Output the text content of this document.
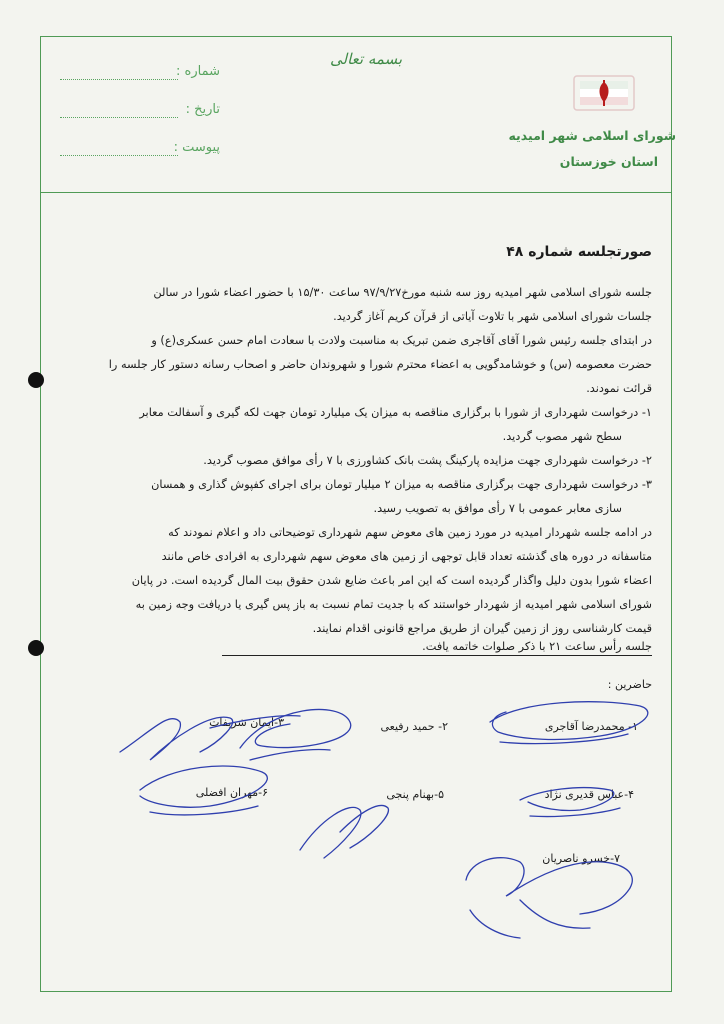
بسمه تعالی
شماره :
تاریخ :
پیوست :
شورای اسلامی شهر امیدیه
استان خوزستان
صورتجلسه شماره ۴۸
جلسه شورای اسلامی شهر امیدیه روز سه شنبه مورخ۹۷/۹/۲۷ ساعت ۱۵/۳۰ با حضور اعضاء شورا در سالن
جلسات شورای اسلامی شهر با تلاوت آیاتی از قرآن کریم آغاز گردید.
در ابتدای جلسه رئیس شورا آقای آقاجری ضمن تبریک به مناسبت ولادت با سعادت امام حسن عسکری(ع) و
حضرت معصومه (س) و خوشامدگویی به اعضاء محترم شورا و شهروندان حاضر و اصحاب رسانه دستور کار جلسه را
قرائت نمودند.
۱- درخواست شهرداری از شورا با برگزاری مناقصه به میزان یک میلیارد تومان جهت لکه گیری و آسفالت معابر
سطح شهر مصوب گردید.
۲- درخواست شهرداری جهت مزایده پارکینگ پشت بانک کشاورزی با ۷ رأی موافق مصوب گردید.
۳- درخواست شهرداری جهت برگزاری مناقصه به میزان ۲ میلیار تومان برای اجرای کفپوش گذاری و همسان
سازی معابر عمومی با ۷ رأی موافق به تصویب رسید.
در ادامه جلسه شهردار امیدیه در مورد زمین های معوض سهم شهرداری توضیحاتی داد و اعلام نمودند که
متاسفانه در دوره های گذشته تعداد قابل توجهی از زمین های معوض سهم شهرداری به افرادی خاص مانند
اعضاء شورا بدون دلیل واگذار گردیده است که این امر باعث ضایع شدن حقوق بیت المال گردیده است. در پایان
شورای اسلامی شهر امیدیه از شهردار خواستند که با جدیت تمام نسبت به باز پس گیری یا دریافت وجه زمین به
قیمت کارشناسی روز از زمین گیران از طریق مراجع قانونی اقدام نمایند.
جلسه رأس ساعت ۲۱ با ذکر صلوات خاتمه یافت.
حاضرین :
۱- محمدرضا آقاجری
۲- حمید رفیعی
۳-ایمان شریفات
۴-عباس قدیری نژاد
۵-بهنام پنجی
۶-مهران افضلی
۷-خسرو ناصریان
